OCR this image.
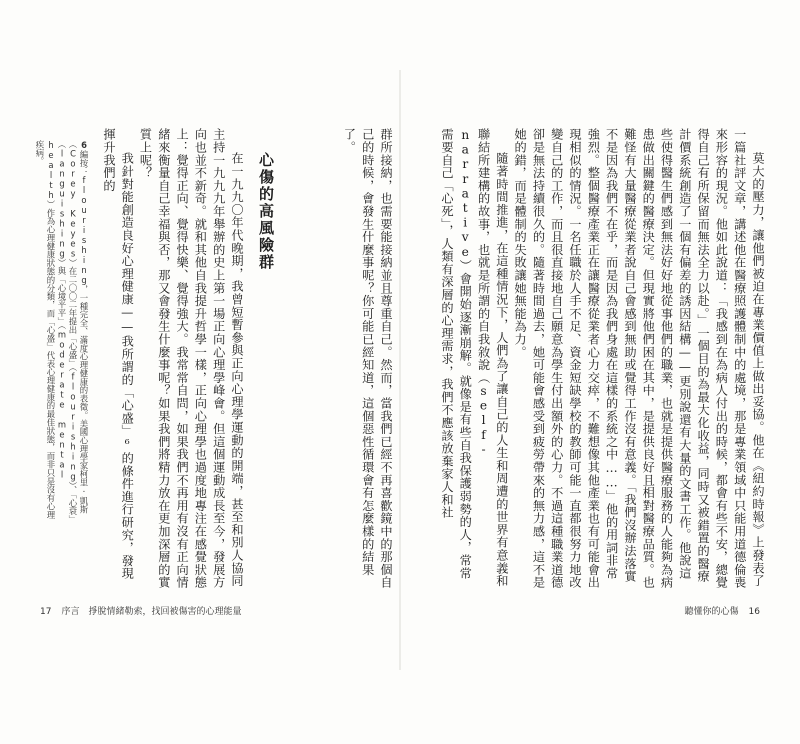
莫大的壓力，讓他們被迫在專業價值上做出妥協。他在《紐約時報》上發表了一篇社評文章，講述他在醫療照護體制中的處境，那是專業領域中只能用道德倫喪來形容的現況。他如此說道：「我感到在為病人付出的時候，都會有些不安，總覺得自己有所保留而無法全力以赴。」一個目的為最大化收益，同時又被錯置的醫療計價系統創造了一個有偏差的誘因結構——更別說還有大量的文書工作。他說這些使得醫生們感到無法好好地從事他們的職業，也就是提供醫療服務的人能夠為病患做出關鍵的醫療決定。但現實將他們困在其中，是提供良好且相對醫療品質。也難怪有大量醫療從業者說自己會感到無助或覺得工作沒有意義。「我們沒辦法落實不是因為我們不在乎，而是因為我們身處在這樣的系統之中……」他的用詞非常強烈。整個醫療產業正在讓醫療從業者心力交瘁，不難想像其他產業也有可能會出現相似的情況。一名任職於人手不足、資金短缺學校的教師可能一直都很努力地改變自己的工作，而且很直接地自己願意為學生付出額外的心力。不過這種職業道德卻是無法持續很久的。隨著時間過去，她可能會感受到疲勞帶來的無力感，這不是她的錯，而是體制的失敗讓她無能為力。

隨著時間推進，在這種情況下，人們為了讓自己的人生和周遭的世界有意義和聯結所建構的故事，也就是所謂的自我敘說（self-narrative）會開始逐漸崩解。就像是有些自我保護弱勢的人，常常需要自己「心死」，人類有深層的心理需求，我們不應該放棄家人和社

群所接納，也需要能接納並且尊重自己。然而，當我們已經不再喜歡鏡中的那個自己的時候，會發生什麼事呢？你可能已經知道，這個惡性循環會有怎麼樣的結果了。

心傷的高風險群

在一九九〇年代晚期，我曾短暫參與正向心理學運動的開端，甚至和別人協同主持一九九九年舉辦的史上第一場正向心理學峰會。但這個運動成長至今，發展方向也並不新奇。就和其他自我提升哲學一樣，正向心理學也過度地專注在感覺狀態上：覺得正向、覺得快樂、覺得強大。我常常自問，如果我們不再用有沒有正向情緒來衡量自己幸福與否，那又會發生什麼事呢？如果我們將精力放在更加深層的實質上呢？

我針對能創造良好心理健康——我所謂的「心盛」⁶的條件進行研究，發現揮升我們的

6編按：flourishing，一種完全、滿度心理健康的表徵。美國心理學家柯里·凱斯（Corey Keyes）在二〇〇二年提出「心盛」（flourishing）、「心衰」（languishing）與「心境平平」（moderate mental health）作為心理健康狀態的分類，而「心盛」代表心理健康的最佳狀態，而非只是沒有心理疾病。
17 序言　掙脫情緒勒索，找回被傷害的心理能量	聽懂你的心傷 16
